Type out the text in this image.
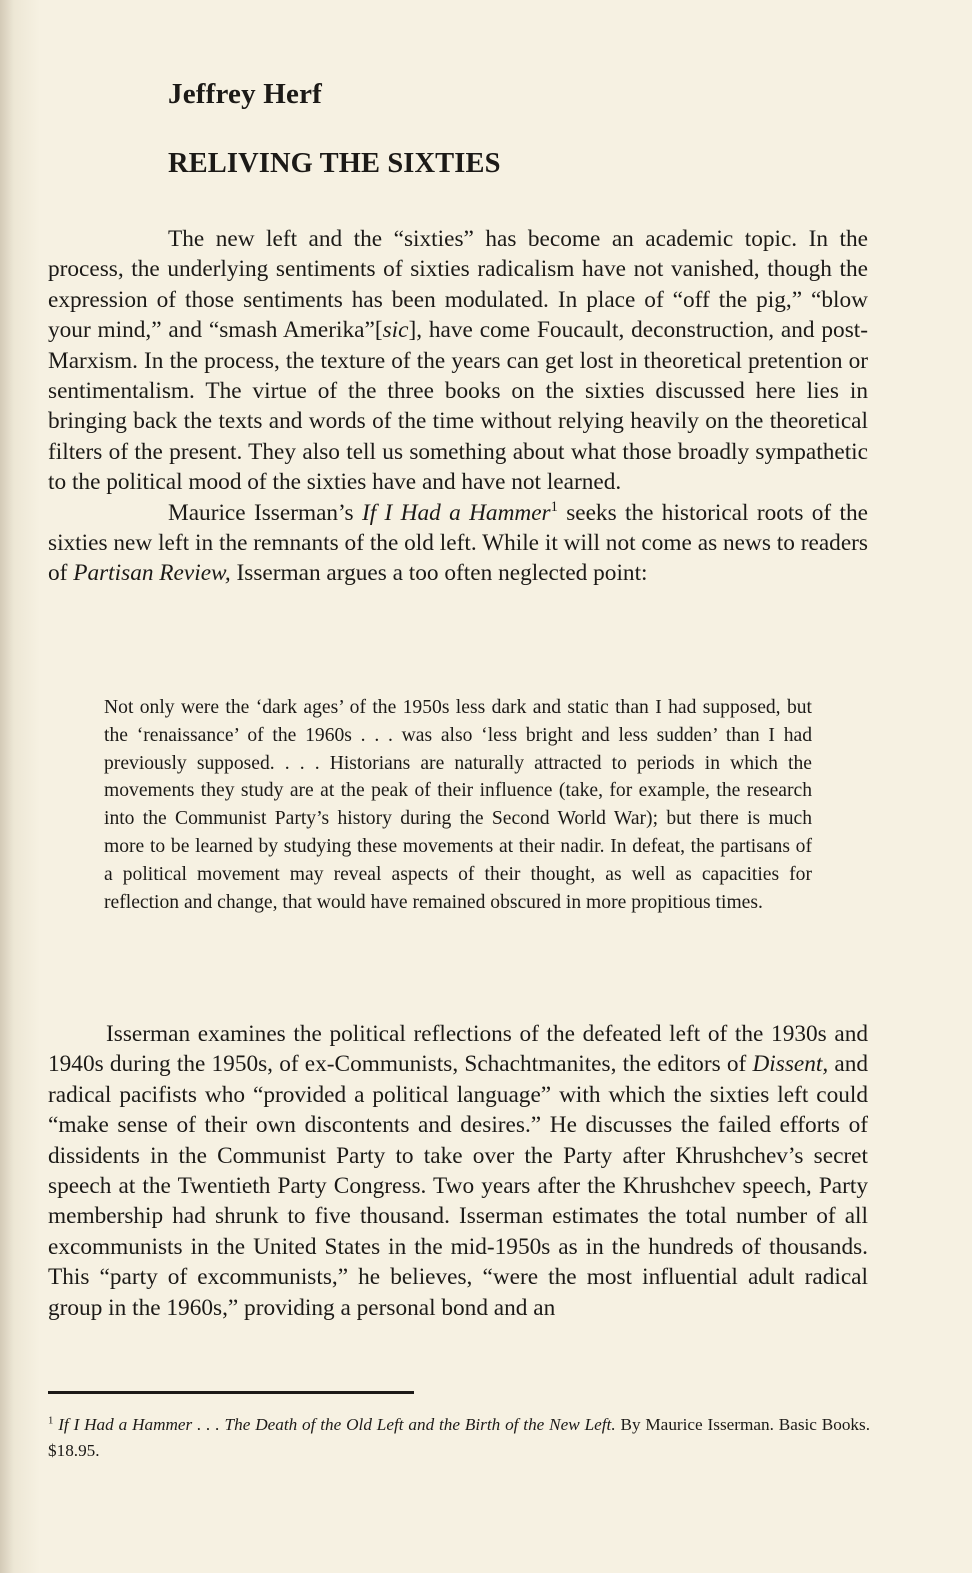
Jeffrey Herf
RELIVING THE SIXTIES

The new left and the “sixties” has become an academic topic. In the process, the underlying sentiments of sixties radicalism have not vanished, though the expression of those sentiments has been modulated. In place of “off the pig,” “blow your mind,” and “smash Amerika”[sic], have come Foucault, deconstruction, and post-Marxism. In the process, the texture of the years can get lost in theoretical pretention or sentimentalism. The virtue of the three books on the sixties discussed here lies in bringing back the texts and words of the time without relying heavily on the theoretical filters of the present. They also tell us something about what those broadly sympathetic to the political mood of the sixties have and have not learned.

Maurice Isserman’s If I Had a Hammer$^1$ seeks the historical roots of the sixties new left in the remnants of the old left. While it will not come as news to readers of Partisan Review, Isserman argues a too often neglected point:

Not only were the ‘dark ages’ of the 1950s less dark and static than I had supposed, but the ‘renaissance’ of the 1960s . . . was also ‘less bright and less sudden’ than I had previously supposed. . . . Historians are naturally attracted to periods in which the movements they study are at the peak of their influence (take, for example, the research into the Communist Party’s history during the Second World War); but there is much more to be learned by studying these movements at their nadir. In defeat, the partisans of a political movement may reveal aspects of their thought, as well as capacities for reflection and change, that would have remained obscured in more propitious times.

Isserman examines the political reflections of the defeated left of the 1930s and 1940s during the 1950s, of ex-Communists, Schachtmanites, the editors of Dissent, and radical pacifists who “provided a political language” with which the sixties left could “make sense of their own discontents and desires.” He discusses the failed efforts of dissidents in the Communist Party to take over the Party after Khrushchev’s secret speech at the Twentieth Party Congress. Two years after the Khrushchev speech, Party membership had shrunk to five thousand. Isserman estimates the total number of all excommunists in the United States in the mid-1950s as in the hundreds of thousands. This “party of excommunists,” he believes, “were the most influential adult radical group in the 1960s,” providing a personal bond and an

$^1$ If I Had a Hammer . . . The Death of the Old Left and the Birth of the New Left. By Maurice Isserman. Basic Books. $18.95.
